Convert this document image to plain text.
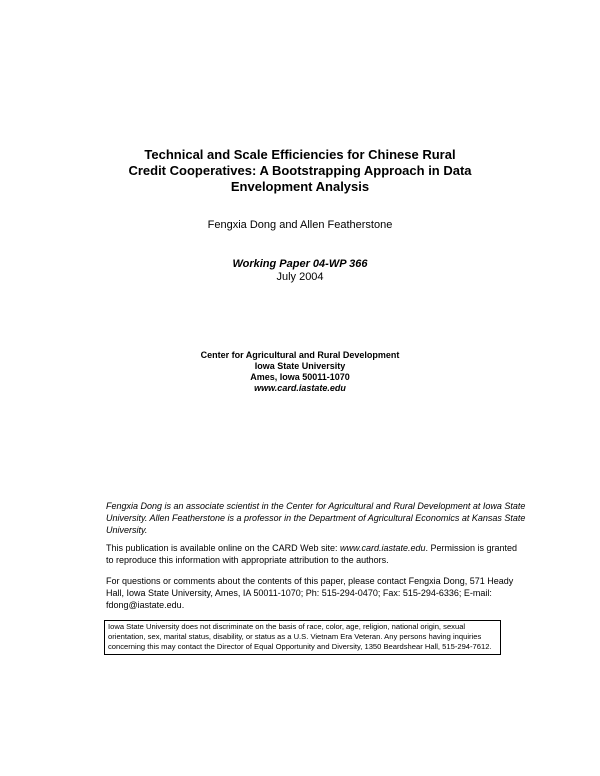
Technical and Scale Efficiencies for Chinese Rural
Credit Cooperatives: A Bootstrapping Approach in Data
Envelopment Analysis

Fengxia Dong and Allen Featherstone

Working Paper 04-WP 366
July 2004
Center for Agricultural and Rural Development
Iowa State University
Ames, Iowa 50011-1070
www.card.iastate.edu

Fengxia Dong is an associate scientist in the Center for Agricultural and Rural Development at Iowa State University. Allen Featherstone is a professor in the Department of Agricultural Economics at Kansas State University.

This publication is available online on the CARD Web site: www.card.iastate.edu. Permission is granted to reproduce this information with appropriate attribution to the authors.

For questions or comments about the contents of this paper, please contact Fengxia Dong, 571 Heady Hall, Iowa State University, Ames, IA 50011-1070; Ph: 515-294-0470; Fax: 515-294-6336; E-mail: fdong@iastate.edu.

Iowa State University does not discriminate on the basis of race, color, age, religion, national origin, sexual orientation, sex, marital status, disability, or status as a U.S. Vietnam Era Veteran. Any persons having inquiries concerning this may contact the Director of Equal Opportunity and Diversity, 1350 Beardshear Hall, 515-294-7612.
